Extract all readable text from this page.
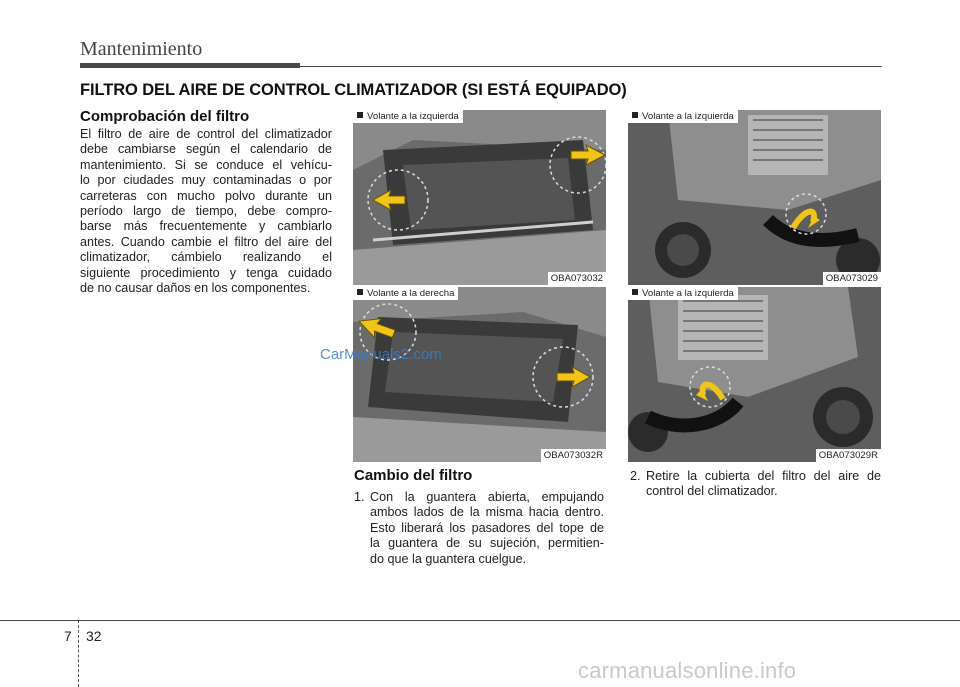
Mantenimiento
FILTRO DEL AIRE DE CONTROL CLIMATIZADOR (SI ESTÁ EQUIPADO)
Comprobación del filtro
El filtro de aire de control del climatizador
debe cambiarse según el calendario de
mantenimiento. Si se conduce el vehícu-
lo por ciudades muy contaminadas o por
carreteras con mucho polvo durante un
período largo de tiempo, debe compro-
barse más frecuentemente y cambiarlo
antes. Cuando cambie el filtro del aire del
climatizador, cámbielo realizando el
siguiente procedimiento y tenga cuidado
de no causar daños en los componentes.
Volante a la izquierda
OBA073032
Volante a la derecha
OBA073032R
Volante a la izquierda
OBA073029
Volante a la izquierda
OBA073029R
Cambio del filtro
1. Con la guantera abierta, empujando
ambos lados de la misma hacia dentro.
Esto liberará los pasadores del tope de
la guantera de su sujeción, permitien-
do que la guantera cuelgue.
2. Retire la cubierta del filtro del aire de
control del climatizador.
CarManuals2.com
7 32
carmanualsonline.info
